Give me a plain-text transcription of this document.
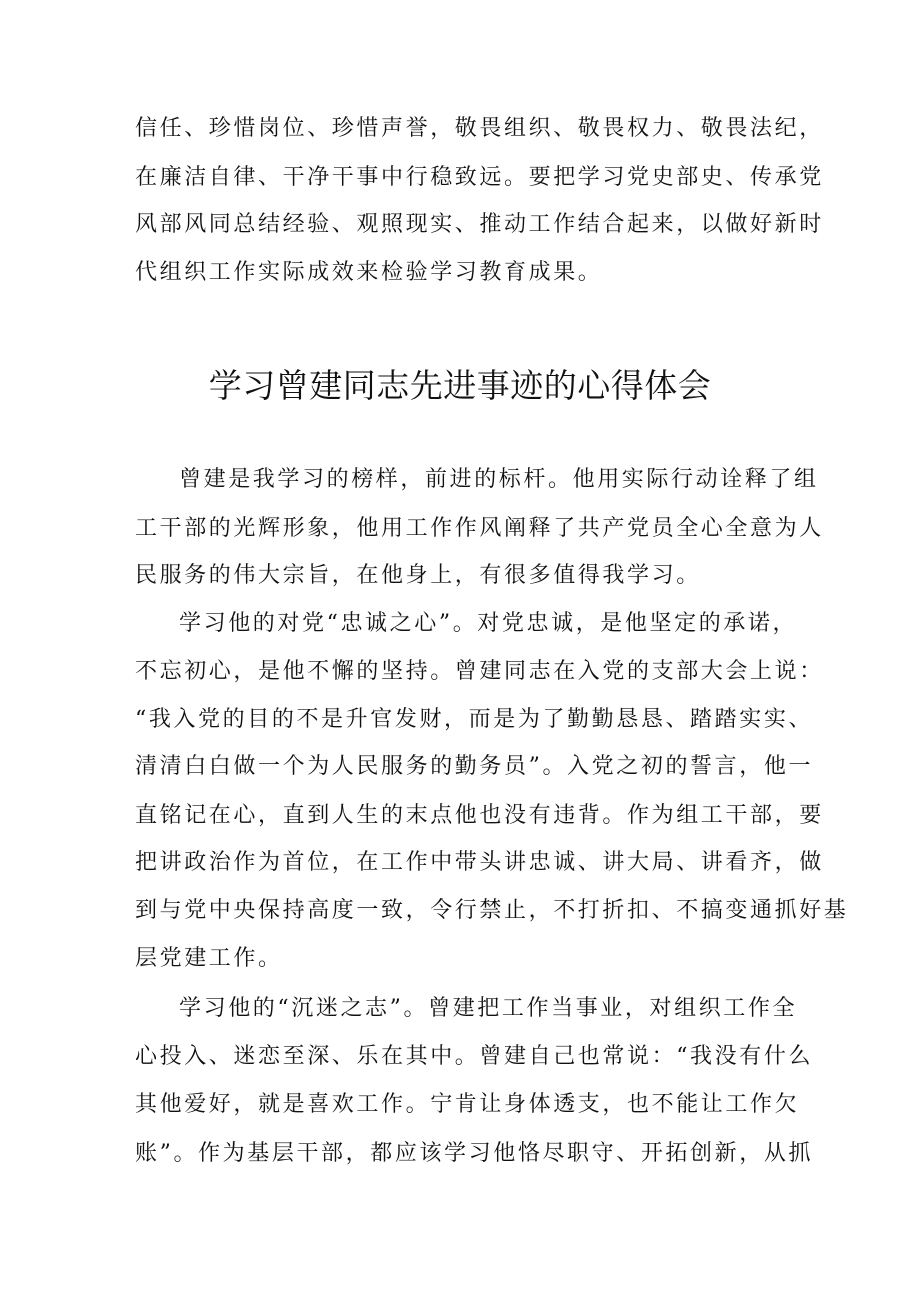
信任、珍惜岗位、珍惜声誉，敬畏组织、敬畏权力、敬畏法纪，
在廉洁自律、干净干事中行稳致远。要把学习党史部史、传承党
风部风同总结经验、观照现实、推动工作结合起来，以做好新时
代组织工作实际成效来检验学习教育成果。
学习曾建同志先进事迹的心得体会
曾建是我学习的榜样，前进的标杆。他用实际行动诠释了组
工干部的光辉形象，他用工作作风阐释了共产党员全心全意为人
民服务的伟大宗旨，在他身上，有很多值得我学习。
学习他的对党“忠诚之心”。对党忠诚，是他坚定的承诺，
不忘初心，是他不懈的坚持。曾建同志在入党的支部大会上说：
“我入党的目的不是升官发财，而是为了勤勤恳恳、踏踏实实、
清清白白做一个为人民服务的勤务员”。入党之初的誓言，他一
直铭记在心，直到人生的末点他也没有违背。作为组工干部，要
把讲政治作为首位，在工作中带头讲忠诚、讲大局、讲看齐，做
到与党中央保持高度一致，令行禁止，不打折扣、不搞变通抓好基
层党建工作。
学习他的“沉迷之志”。曾建把工作当事业，对组织工作全
心投入、迷恋至深、乐在其中。曾建自己也常说：“我没有什么
其他爱好，就是喜欢工作。宁肯让身体透支，也不能让工作欠
账”。作为基层干部，都应该学习他恪尽职守、开拓创新，从抓
